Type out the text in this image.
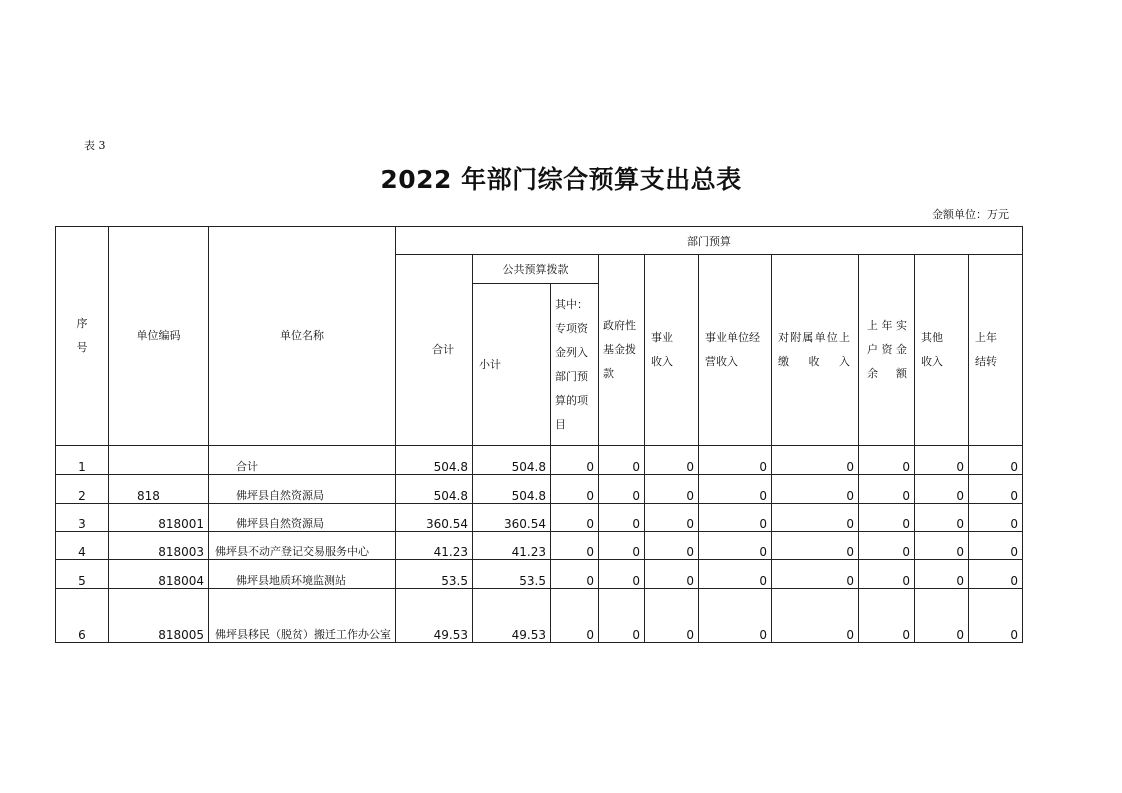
表 3
2022 年部门综合预算支出总表
金额单位：万元
序号	单位编码	单位名称	部门预算									
			合计	公共预算拨款		政府性基金拨款	事业收入	事业单位经营收入	对附属单位上缴收入	上年实户资金余额	其他收入	上年结转

				小计	其中：专项资金列入部门预算的项目							

1		合计	504.8	504.8	0	0	0	0	0	0	0	0
2	818	佛坪县自然资源局	504.8	504.8	0	0	0	0	0	0	0	0
3	818001	佛坪县自然资源局	360.54	360.54	0	0	0	0	0	0	0	0
4	818003	佛坪县不动产登记交易服务中心	41.23	41.23	0	0	0	0	0	0	0	0
5	818004	佛坪县地质环境监测站	53.5	53.5	0	0	0	0	0	0	0	0
6	818005	佛坪县移民（脱贫）搬迁工作办公室	49.53	49.53	0	0	0	0	0	0	0	0
